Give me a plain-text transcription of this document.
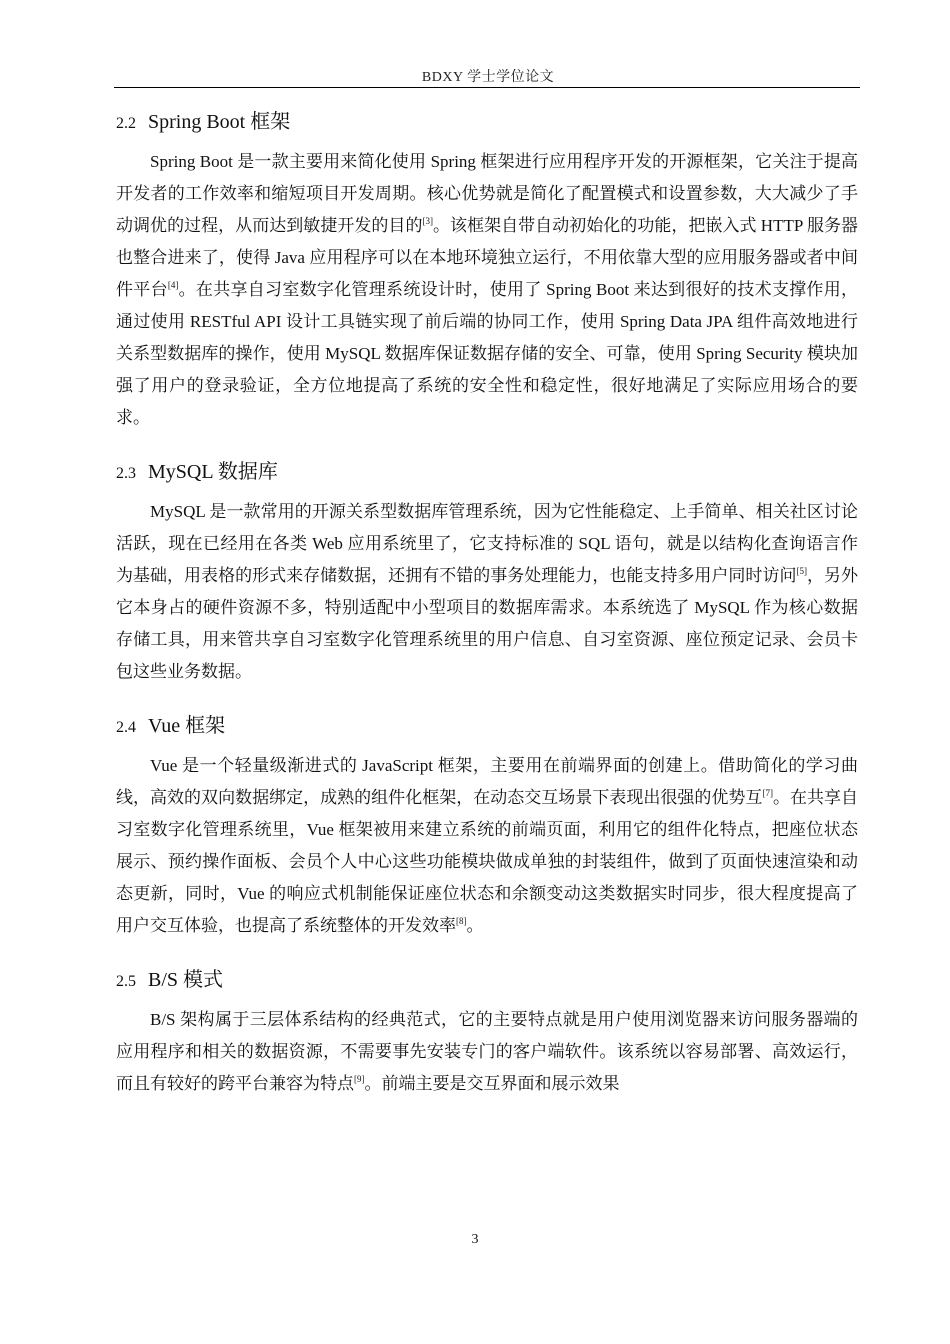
BDXY 学士学位论文
2.2 Spring Boot 框架

Spring Boot 是一款主要用来简化使用 Spring 框架进行应用程序开发的开源框架，它关注于提高开发者的工作效率和缩短项目开发周期。核心优势就是简化了配置模式和设置参数，大大减少了手动调优的过程，从而达到敏捷开发的目的[3]。该框架自带自动初始化的功能，把嵌入式 HTTP 服务器也整合进来了，使得 Java 应用程序可以在本地环境独立运行，不用依靠大型的应用服务器或者中间件平台[4]。在共享自习室数字化管理系统设计时，使用了 Spring Boot 来达到很好的技术支撑作用，通过使用 RESTful API 设计工具链实现了前后端的协同工作，使用 Spring Data JPA 组件高效地进行关系型数据库的操作，使用 MySQL 数据库保证数据存储的安全、可靠，使用 Spring Security 模块加强了用户的登录验证，全方位地提高了系统的安全性和稳定性，很好地满足了实际应用场合的要求。

2.3 MySQL 数据库

MySQL 是一款常用的开源关系型数据库管理系统，因为它性能稳定、上手简单、相关社区讨论活跃，现在已经用在各类 Web 应用系统里了，它支持标准的 SQL 语句，就是以结构化查询语言作为基础，用表格的形式来存储数据，还拥有不错的事务处理能力，也能支持多用户同时访问[5]，另外它本身占的硬件资源不多，特别适配中小型项目的数据库需求。本系统选了 MySQL 作为核心数据存储工具，用来管共享自习室数字化管理系统里的用户信息、自习室资源、座位预定记录、会员卡包这些业务数据。

2.4 Vue 框架

Vue 是一个轻量级渐进式的 JavaScript 框架，主要用在前端界面的创建上。借助简化的学习曲线，高效的双向数据绑定，成熟的组件化框架，在动态交互场景下表现出很强的优势互[7]。在共享自习室数字化管理系统里，Vue 框架被用来建立系统的前端页面，利用它的组件化特点，把座位状态展示、预约操作面板、会员个人中心这些功能模块做成单独的封装组件，做到了页面快速渲染和动态更新，同时，Vue 的响应式机制能保证座位状态和余额变动这类数据实时同步，很大程度提高了用户交互体验，也提高了系统整体的开发效率[8]。

2.5 B/S 模式

B/S 架构属于三层体系结构的经典范式，它的主要特点就是用户使用浏览器来访问服务器端的应用程序和相关的数据资源，不需要事先安装专门的客户端软件。该系统以容易部署、高效运行，而且有较好的跨平台兼容为特点[9]。前端主要是交互界面和展示效果

3
